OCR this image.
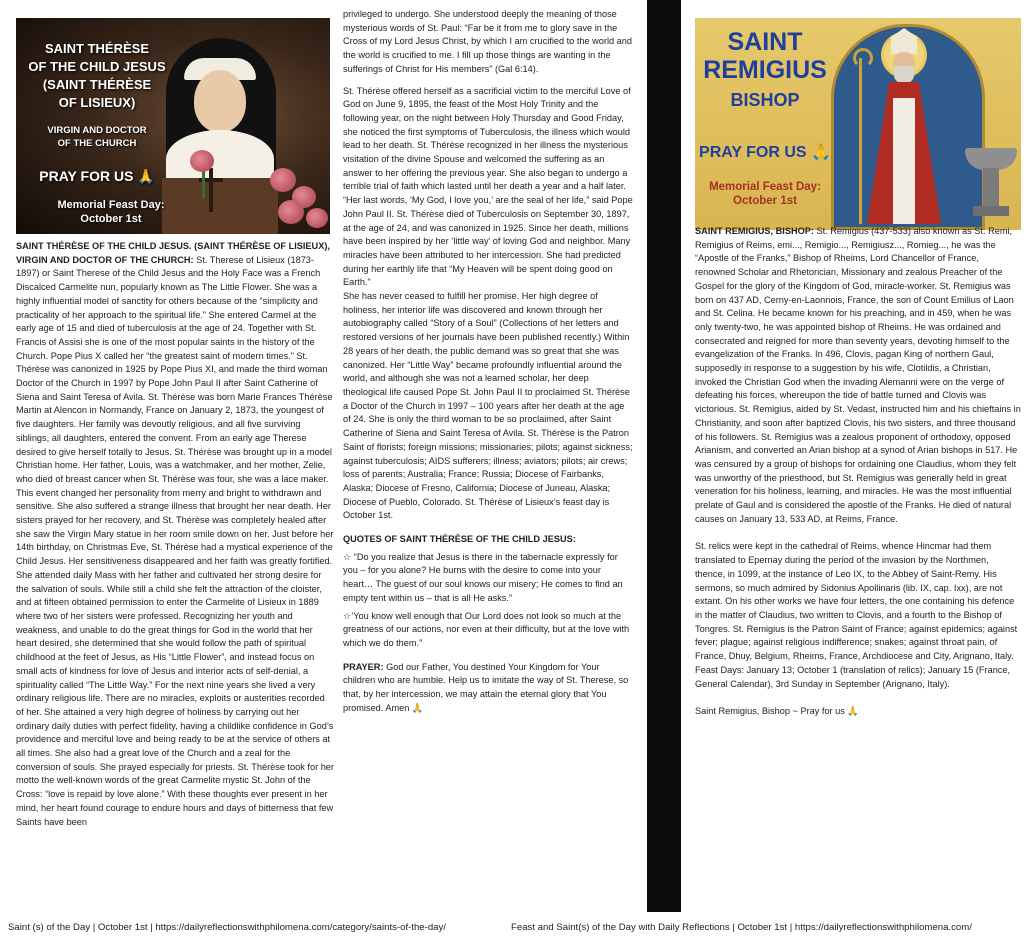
SAINT THÉRÈSE
OF THE CHILD JESUS
(SAINT THÉRÈSE
OF LISIEUX)
VIRGIN AND DOCTOR
OF THE CHURCH
PRAY FOR US 🙏
Memorial Feast Day:
October 1st

SAINT THÉRÈSE OF THE CHILD JESUS. (SAINT THÉRÈSE OF LISIEUX), VIRGIN AND DOCTOR OF THE CHURCH: St. Therese of Lisieux (1873-1897) or Saint Therese of the Child Jesus and the Holy Face was a French Discalced Carmelite nun, popularly known as The Little Flower. She was a highly influential model of sanctity for others because of the “simplicity and practicality of her approach to the spiritual life.” She entered Carmel at the early age of 15 and died of tuberculosis at the age of 24. Together with St. Francis of Assisi she is one of the most popular saints in the history of the Church. Pope Pius X called her “the greatest saint of modern times.” St. Thérèse was canonized in 1925 by Pope Pius XI, and made the third woman Doctor of the Church in 1997 by Pope John Paul II after Saint Catherine of Siena and Saint Teresa of Avila. St. Thérèse was born Marie Frances Thérèse Martin at Alencon in Normandy, France on January 2, 1873, the youngest of five daughters. Her family was devoutly religious, and all five surviving siblings, all daughters, entered the convent. From an early age Therese desired to give herself totally to Jesus. St. Thérèse was brought up in a model Christian home. Her father, Louis, was a watchmaker, and her mother, Zelie, who died of breast cancer when St. Thérèse was four, she was a lace maker. This event changed her personality from merry and bright to withdrawn and sensitive. She also suffered a strange illness that brought her near death. Her sisters prayed for her recovery, and St. Thérèse was completely healed after she saw the Virgin Mary statue in her room smile down on her. Just before her 14th birthday, on Christmas Eve, St. Thérèse had a mystical experience of the Child Jesus. Her sensitiveness disappeared and her faith was greatly fortified. She attended daily Mass with her father and cultivated her strong desire for the salvation of souls. While still a child she felt the attraction of the cloister, and at fifteen obtained permission to enter the Carmelite of Lisieux in 1889 where two of her sisters were professed. Recognizing her youth and weakness, and unable to do the great things for God in the world that her heart desired, she determined that she would follow the path of spiritual childhood at the feet of Jesus, as His “Little Flower”, and instead focus on small acts of kindness for love of Jesus and interior acts of self-denial, a spirituality called “The Little Way.” For the next nine years she lived a very ordinary religious life. There are no miracles, exploits or austerities recorded of her. She attained a very high degree of holiness by carrying out her ordinary daily duties with perfect fidelity, having a childlike confidence in God’s providence and merciful love and being ready to be at the service of others at all times. She also had a great love of the Church and a zeal for the conversion of souls. She prayed especially for priests. St. Thérèse took for her motto the well-known words of the great Carmelite mystic St. John of the Cross: “love is repaid by love alone.” With these thoughts ever present in her mind, her heart found courage to endure hours and days of bitterness that few Saints have been

privileged to undergo. She understood deeply the meaning of those mysterious words of St. Paul: “Far be it from me to glory save in the Cross of my Lord Jesus Christ, by which I am crucified to the world and the world is crucified to me. I fill up those things are wanting in the sufferings of Christ for His members” (Gal 6:14).

St. Thérèse offered herself as a sacrificial victim to the merciful Love of God on June 9, 1895, the feast of the Most Holy Trinity and the following year, on the night between Holy Thursday and Good Friday, she noticed the first symptoms of Tuberculosis, the illness which would lead to her death. St. Thérèse recognized in her illness the mysterious visitation of the divine Spouse and welcomed the suffering as an answer to her offering the previous year. She also began to undergo a terrible trial of faith which lasted until her death a year and a half later. “Her last words, ‘My God, I love you,’ are the seal of her life,” said Pope John Paul II. St. Thérèse died of Tuberculosis on September 30, 1897, at the age of 24, and was canonized in 1925. Since her death, millions have been inspired by her ‘little way’ of loving God and neighbor. Many miracles have been attributed to her intercession. She had predicted during her earthly life that “My Heaven will be spent doing good on Earth.”

She has never ceased to fulfill her promise. Her high degree of holiness, her interior life was discovered and known through her autobiography called “Story of a Soul” (Collections of her letters and restored versions of her journals have been published recently.) Within 28 years of her death, the public demand was so great that she was canonized. Her “Little Way” became profoundly influential around the world, and although she was not a learned scholar, her deep theological life caused Pope St. John Paul II to proclaimed St. Thérèse a Doctor of the Church in 1997 – 100 years after her death at the age of 24. She is only the third woman to be so proclaimed, after Saint Catherine of Siena and Saint Teresa of Avila. St. Thérèse is the Patron Saint of florists; foreign missions; missionaries; pilots; against sickness; against tuberculosis; AIDS sufferers; illness; aviators; pilots; air crews; loss of parents; Australia; France; Russia; Diocese of Fairbanks, Alaska; Diocese of Fresno, California; Diocese of Juneau, Alaska; Diocese of Pueblo, Colorado. St. Thérèse of Lisieux’s feast day is October 1st.

QUOTES OF SAINT THÉRÈSE OF THE CHILD JESUS:

☆ “Do you realize that Jesus is there in the tabernacle expressly for you – for you alone? He burns with the desire to come into your heart… The guest of our soul knows our misery; He comes to find an empty tent within us – that is all He asks.”

☆’You know well enough that Our Lord does not look so much at the greatness of our actions, nor even at their difficulty, but at the love with which we do them.”

PRAYER: God our Father, You destined Your Kingdom for Your children who are humble. Help us to imitate the way of St. Therese, so that, by her intercession, we may attain the eternal glory that You promised. Amen 🙏

SAINT
REMIGIUS
BISHOP
PRAY FOR US 🙏
Memorial Feast Day:
October 1st

SAINT REMIGIUS, BISHOP: St. Remigius (437-533) also known as St. Remi, Remigius of Reims, emi..., Remigio..., Remigiusz..., Romieg..., he was the “Apostle of the Franks,” Bishop of Rheims, Lord Chancellor of France, renowned Scholar and Rhetorician, Missionary and zealous Preacher of the Gospel for the glory of the Kingdom of God, miracle-worker. St. Remigius was born on 437 AD, Cerny-en-Laonnois, France, the son of Count Emilius of Laon and St. Celina. He became known for his preaching, and in 459, when he was only twenty-two, he was appointed bishop of Rheims. He was ordained and consecrated and reigned for more than seventy years, devoting himself to the evangelization of the Franks. In 496, Clovis, pagan King of northern Gaul, supposedly in response to a suggestion by his wife, Clotildis, a Christian, invoked the Christian God when the invading Alemanni were on the verge of defeating his forces, whereupon the tide of battle turned and Clovis was victorious. St. Remigius, aided by St. Vedast, instructed him and his chieftains in Christianity, and soon after baptized Clovis, his two sisters, and three thousand of his followers. St. Remigius was a zealous proponent of orthodoxy, opposed Arianism, and converted an Arian bishop at a synod of Arian bishops in 517. He was censured by a group of bishops for ordaining one Claudius, whom they felt was unworthy of the priesthood, but St. Remigius was generally held in great veneration for his holiness, learning, and miracles. He was the most influential prelate of Gaul and is considered the apostle of the Franks. He died of natural causes on January 13, 533 AD, at Reims, France.

St. relics were kept in the cathedral of Reims, whence Hincmar had them translated to Epernay during the period of the invasion by the Northmen, thence, in 1099, at the instance of Leo IX, to the Abbey of Saint-Remy. His sermons, so much admired by Sidonius Apollinaris (lib. IX, cap. Ixx), are not extant. On his other works we have four letters, the one containing his defence in the matter of Claudius, two written to Clovis, and a fourth to the Bishop of Tongres. St. Remigius is the Patron Saint of France; against epidemics; against fever; plague; against religious indifference; snakes; against throat pain, of France, Dhuy, Belgium, Rheims, France, Archdiocese and City, Arignano, Italy. Feast Days: January 13; October 1 (translation of relics); January 15 (France, General Calendar), 3rd Sunday in September (Arignano, Italy).

Saint Remigius, Bishop ~ Pray for us 🙏

Saint (s) of the Day | October 1st | https://dailyreflectionswithphilomena.com/category/saints-of-the-day/	Feast and Saint(s) of the Day with Daily Reflections | October 1st | https://dailyreflectionswithphilomena.com/
